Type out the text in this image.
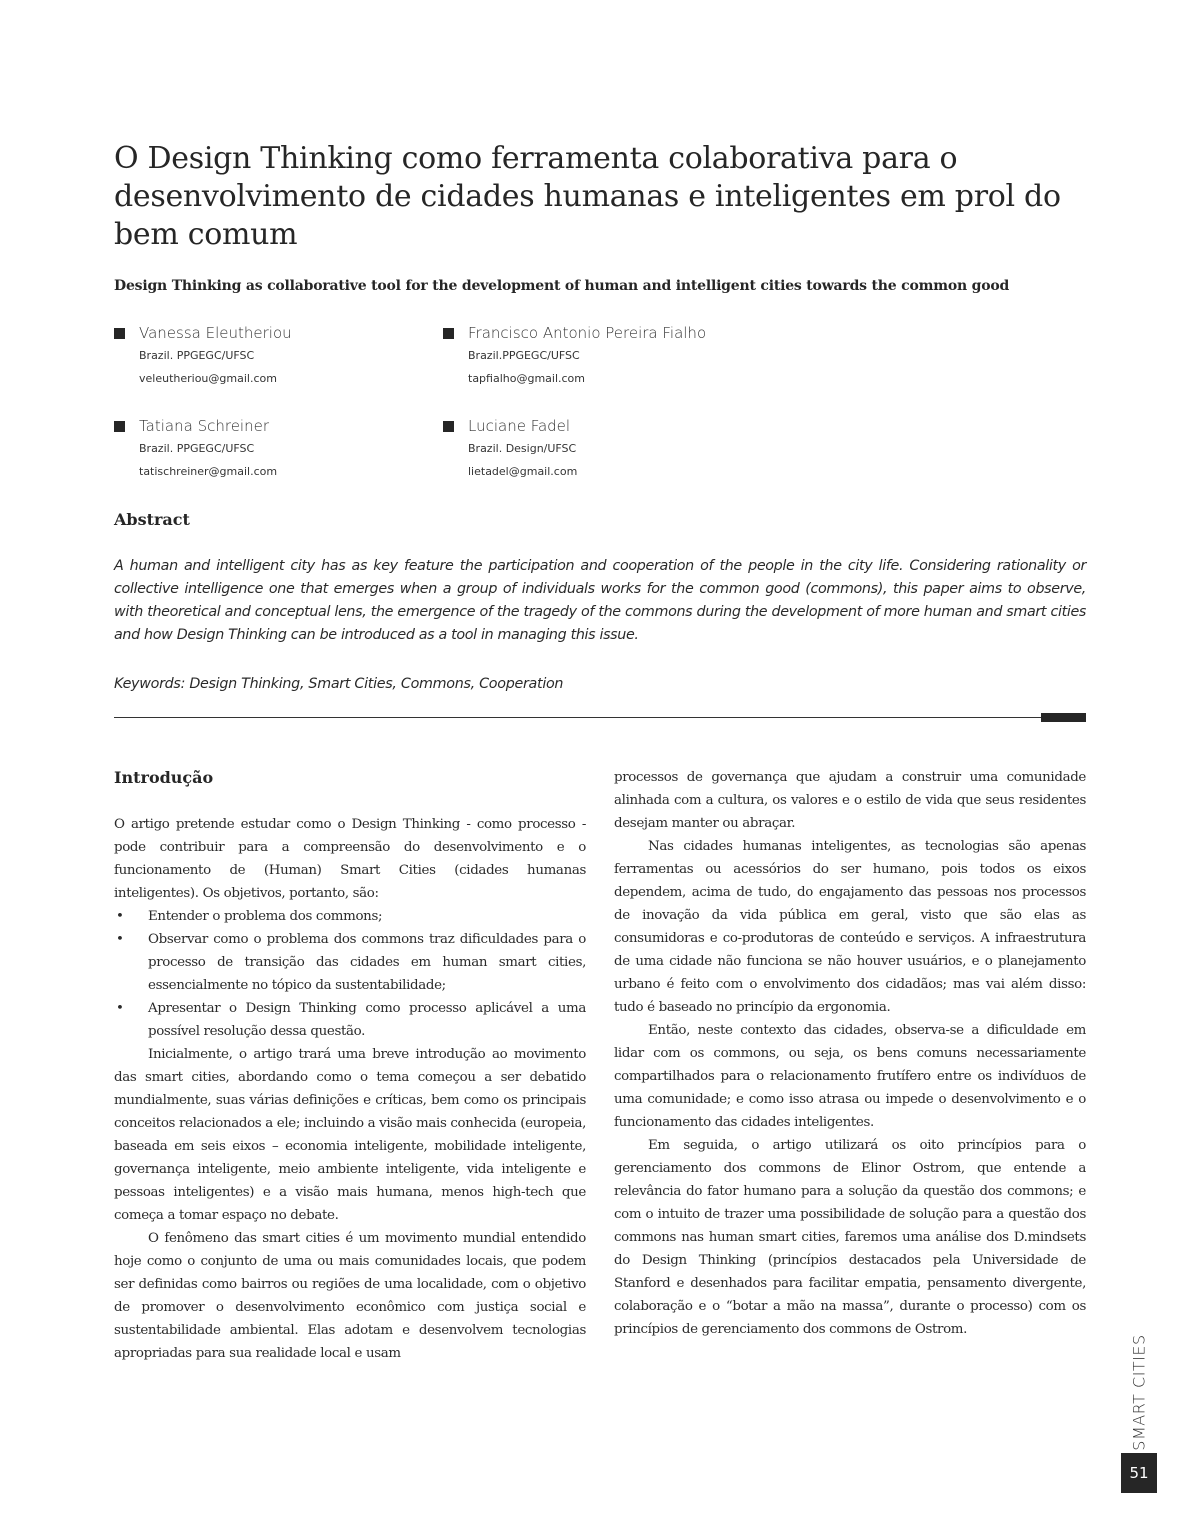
O Design Thinking como ferramenta colaborativa para o desenvolvimento de cidades humanas e inteligentes em prol do bem comum
Design Thinking as collaborative tool for the development of human and intelligent cities towards the common good
Vanessa Eleutheriou
Brazil. PPGEGC/UFSC
veleutheriou@gmail.com
Francisco Antonio Pereira Fialho
Brazil.PPGEGC/UFSC
tapfialho@gmail.com
Tatiana Schreiner
Brazil. PPGEGC/UFSC
tatischreiner@gmail.com
Luciane Fadel
Brazil. Design/UFSC
lietadel@gmail.com
Abstract

A human and intelligent city has as key feature the participation and cooperation of the people in the city life. Considering rationality or collective intelligence one that emerges when a group of individuals works for the common good (commons), this paper aims to observe, with theoretical and conceptual lens, the emergence of the tragedy of the commons during the development of more human and smart cities and how Design Thinking can be introduced as a tool in managing this issue.

Keywords: Design Thinking, Smart Cities, Commons, Cooperation
Introdução

O artigo pretende estudar como o Design Thinking - como processo - pode contribuir para a compreensão do desenvolvimento e o funcionamento de (Human) Smart Cities (cidades humanas inteligentes). Os objetivos, portanto, são:

• Entender o problema dos commons;
• Observar como o problema dos commons traz dificuldades para o processo de transição das cidades em human smart cities, essencialmente no tópico da sustentabilidade;
• Apresentar o Design Thinking como processo aplicável a uma possível resolução dessa questão.

Inicialmente, o artigo trará uma breve introdução ao movimento das smart cities, abordando como o tema começou a ser debatido mundialmente, suas várias definições e críticas, bem como os principais conceitos relacionados a ele; incluindo a visão mais conhecida (europeia, baseada em seis eixos – economia inteligente, mobilidade inteligente, governança inteligente, meio ambiente inteligente, vida inteligente e pessoas inteligentes) e a visão mais humana, menos high-tech que começa a tomar espaço no debate.

O fenômeno das smart cities é um movimento mundial entendido hoje como o conjunto de uma ou mais comunidades locais, que podem ser definidas como bairros ou regiões de uma localidade, com o objetivo de promover o desenvolvimento econômico com justiça social e sustentabilidade ambiental. Elas adotam e desenvolvem tecnologias apropriadas para sua realidade local e usam

processos de governança que ajudam a construir uma comunidade alinhada com a cultura, os valores e o estilo de vida que seus residentes desejam manter ou abraçar.

Nas cidades humanas inteligentes, as tecnologias são apenas ferramentas ou acessórios do ser humano, pois todos os eixos dependem, acima de tudo, do engajamento das pessoas nos processos de inovação da vida pública em geral, visto que são elas as consumidoras e co-produtoras de conteúdo e serviços. A infraestrutura de uma cidade não funciona se não houver usuários, e o planejamento urbano é feito com o envolvimento dos cidadãos; mas vai além disso: tudo é baseado no princípio da ergonomia.

Então, neste contexto das cidades, observa-se a dificuldade em lidar com os commons, ou seja, os bens comuns necessariamente compartilhados para o relacionamento frutífero entre os indivíduos de uma comunidade; e como isso atrasa ou impede o desenvolvimento e o funcionamento das cidades inteligentes.

Em seguida, o artigo utilizará os oito princípios para o gerenciamento dos commons de Elinor Ostrom, que entende a relevância do fator humano para a solução da questão dos commons; e com o intuito de trazer uma possibilidade de solução para a questão dos commons nas human smart cities, faremos uma análise dos D.mindsets do Design Thinking (princípios destacados pela Universidade de Stanford e desenhados para facilitar empatia, pensamento divergente, colaboração e o “botar a mão na massa”, durante o processo) com os princípios de gerenciamento dos commons de Ostrom.

SMART CITIES
51
